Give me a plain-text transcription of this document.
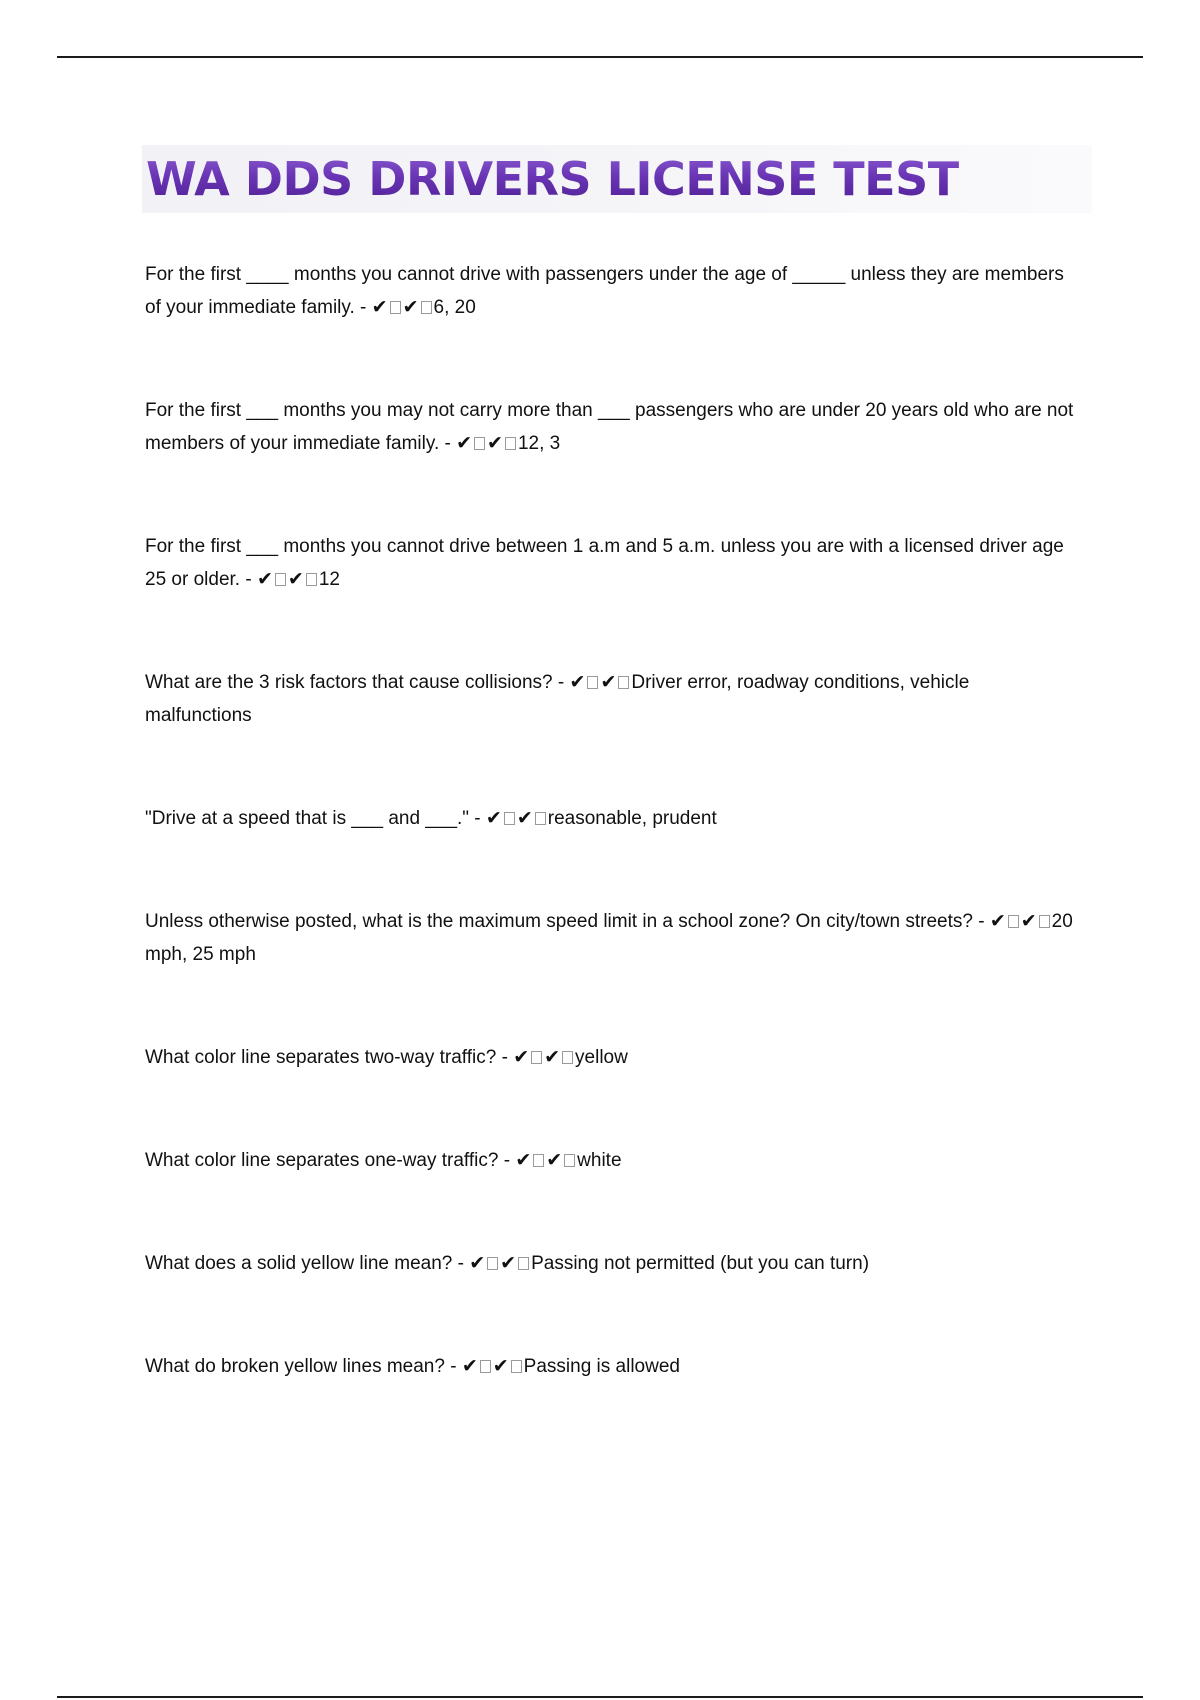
WA DDS DRIVERS LICENSE TEST

For the first ____ months you cannot drive with passengers under the age of _____ unless they are members of your immediate family. - ✔ ✔ 6, 20

For the first ___ months you may not carry more than ___ passengers who are under 20 years old who are not members of your immediate family. - ✔ ✔ 12, 3

For the first ___ months you cannot drive between 1 a.m and 5 a.m. unless you are with a licensed driver age 25 or older. - ✔ ✔ 12

What are the 3 risk factors that cause collisions? - ✔ ✔ Driver error, roadway conditions, vehicle malfunctions

"Drive at a speed that is ___ and ___." - ✔ ✔ reasonable, prudent

Unless otherwise posted, what is the maximum speed limit in a school zone? On city/town streets? - ✔ ✔ 20 mph, 25 mph

What color line separates two-way traffic? - ✔ ✔ yellow

What color line separates one-way traffic? - ✔ ✔ white

What does a solid yellow line mean? - ✔ ✔ Passing not permitted (but you can turn)

What do broken yellow lines mean? - ✔ ✔ Passing is allowed
